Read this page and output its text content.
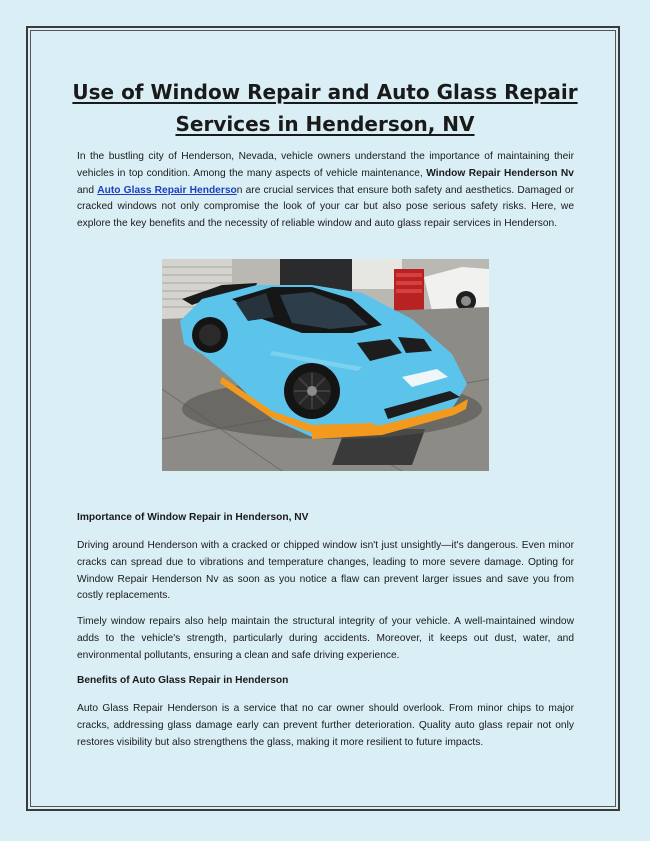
Use of Window Repair and Auto Glass Repair
Services in Henderson, NV

In the bustling city of Henderson, Nevada, vehicle owners understand the importance of maintaining their vehicles in top condition. Among the many aspects of vehicle maintenance, Window Repair Henderson Nv and Auto Glass Repair Henderson are crucial services that ensure both safety and aesthetics. Damaged or cracked windows not only compromise the look of your car but also pose serious safety risks. Here, we explore the key benefits and the necessity of reliable window and auto glass repair services in Henderson.

Importance of Window Repair in Henderson, NV

Driving around Henderson with a cracked or chipped window isn't just unsightly—it's dangerous. Even minor cracks can spread due to vibrations and temperature changes, leading to more severe damage. Opting for Window Repair Henderson Nv as soon as you notice a flaw can prevent larger issues and save you from costly replacements.

Timely window repairs also help maintain the structural integrity of your vehicle. A well-maintained window adds to the vehicle's strength, particularly during accidents. Moreover, it keeps out dust, water, and environmental pollutants, ensuring a clean and safe driving experience.

Benefits of Auto Glass Repair in Henderson

Auto Glass Repair Henderson is a service that no car owner should overlook. From minor chips to major cracks, addressing glass damage early can prevent further deterioration. Quality auto glass repair not only restores visibility but also strengthens the glass, making it more resilient to future impacts.
